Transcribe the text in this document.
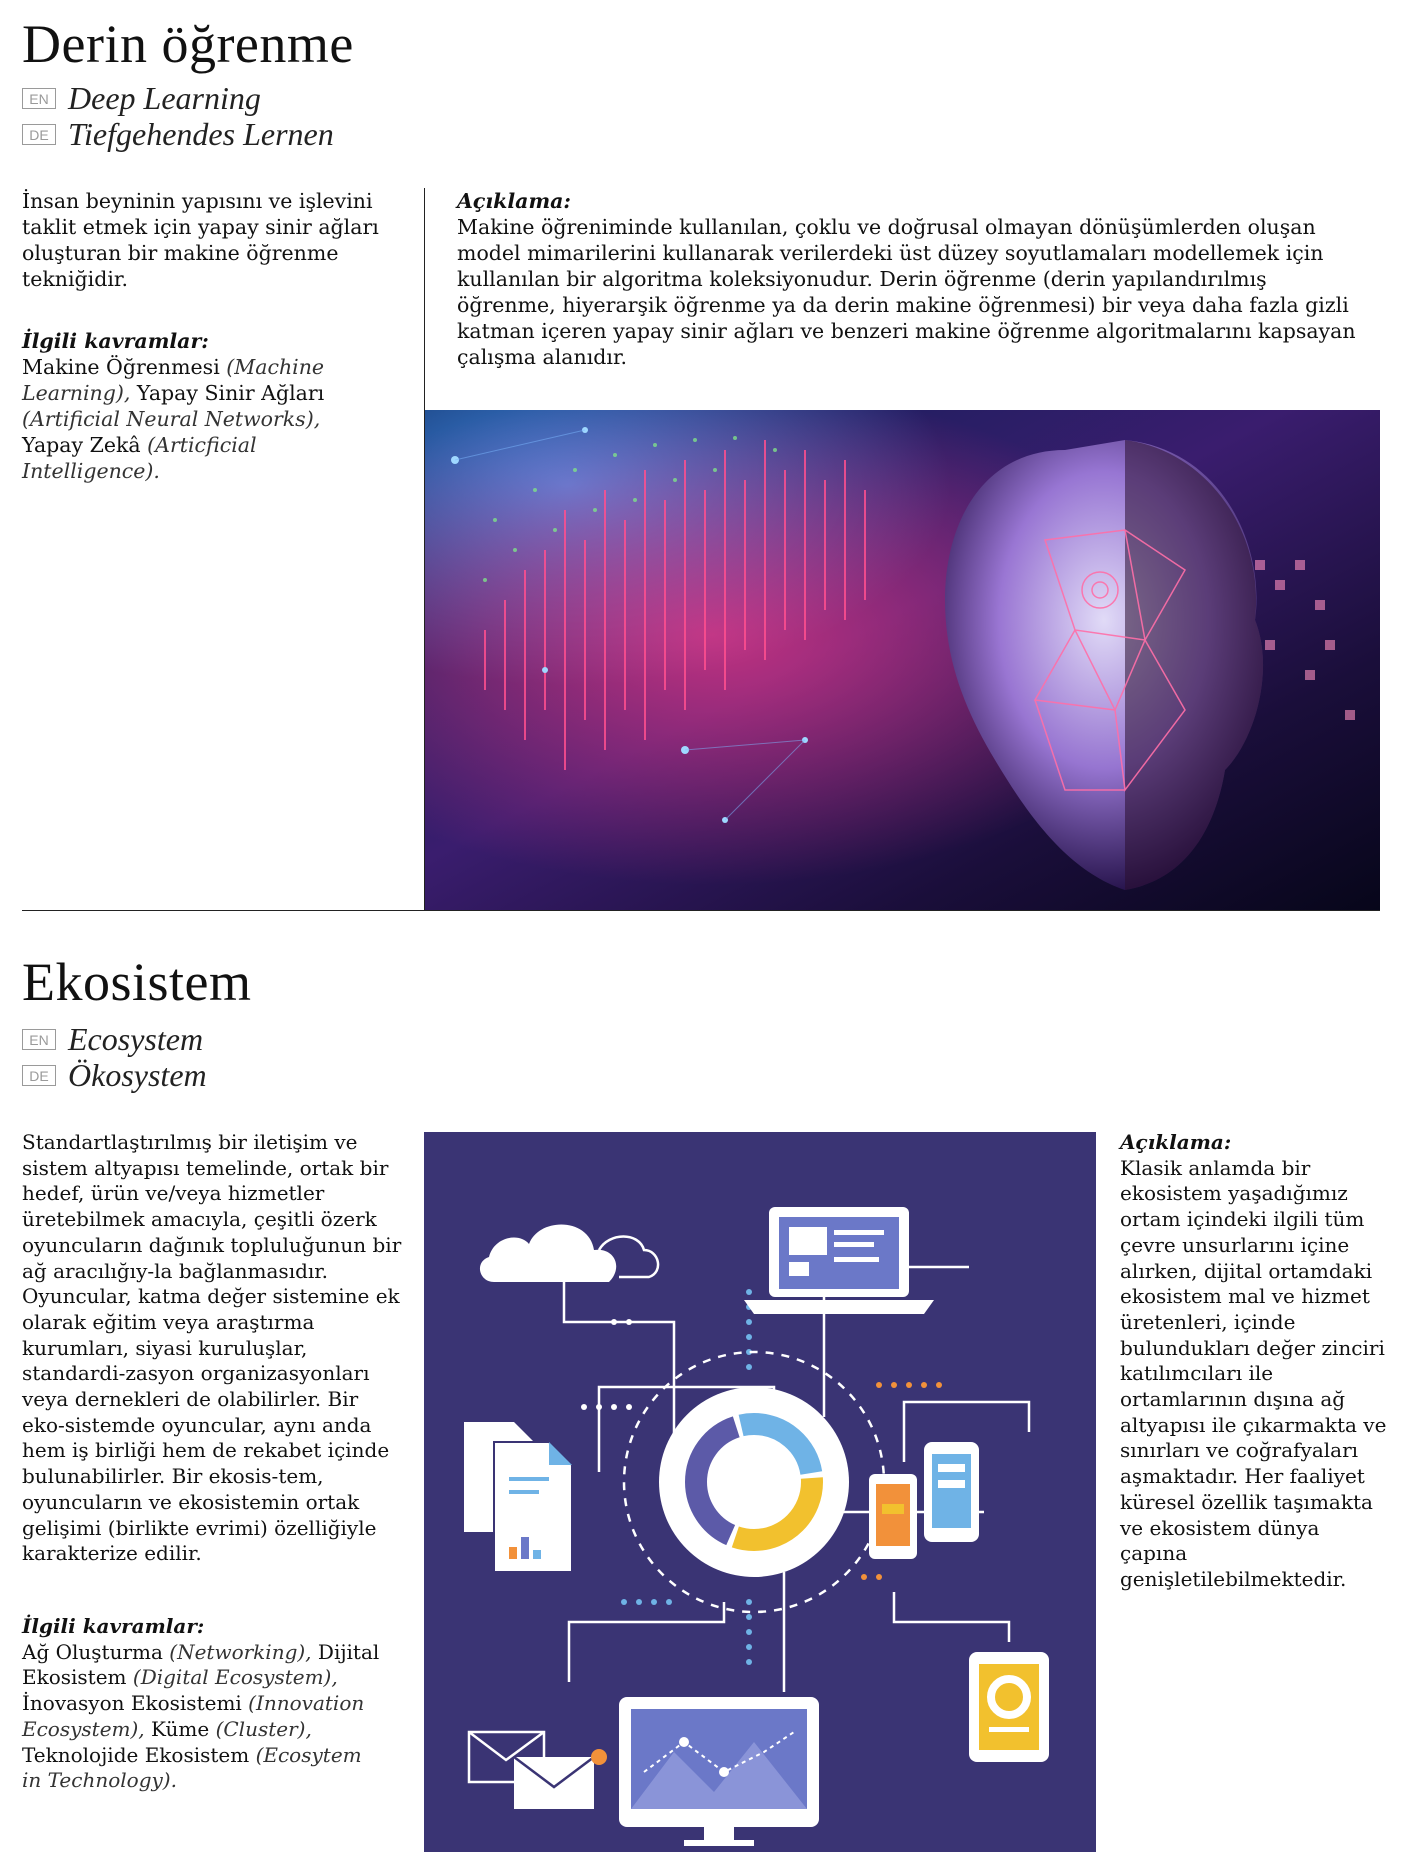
Derin öğrenme
EN Deep Learning
DE Tiefgehendes Lernen
İnsan beyninin yapısını ve işlevini taklit etmek için yapay sinir ağları oluşturan bir makine öğrenme tekniğidir.
İlgili kavramlar:
Makine Öğrenmesi (Machine Learning), Yapay Sinir Ağları (Artificial Neural Networks), Yapay Zekâ (Articficial Intelligence).
Açıklama:
Makine öğreniminde kullanılan, çoklu ve doğrusal olmayan dönüşümlerden oluşan model mimarilerini kullanarak verilerdeki üst düzey soyutlamaları modellemek için kullanılan bir algoritma koleksiyonudur. Derin öğrenme (derin yapılandırılmış öğrenme, hiyerarşik öğrenme ya da derin makine öğrenmesi) bir veya daha fazla gizli katman içeren yapay sinir ağları ve benzeri makine öğrenme algoritmalarını kapsayan çalışma alanıdır.
Ekosistem
EN Ecosystem
DE Ökosystem
Standartlaştırılmış bir iletişim ve sistem altyapısı temelinde, ortak bir hedef, ürün ve/veya hizmetler üretebilmek amacıyla, çeşitli özerk oyuncuların dağınık topluluğunun bir ağ aracılığıy-la bağlanmasıdır. Oyuncular, katma değer sistemine ek olarak eğitim veya araştırma kurumları, siyasi kuruluşlar, standardi-zasyon organizasyonları veya dernekleri de olabilirler. Bir eko-sistemde oyuncular, aynı anda hem iş birliği hem de rekabet içinde bulunabilirler. Bir ekosis-tem, oyuncuların ve ekosistemin ortak gelişimi (birlikte evrimi) özelliğiyle karakterize edilir.
İlgili kavramlar:
Ağ Oluşturma (Networking), Dijital Ekosistem (Digital Ecosystem), İnovasyon Ekosistemi (Innovation Ecosystem), Küme (Cluster), Teknolojide Ekosistem (Ecosytem in Technology).
Açıklama:
Klasik anlamda bir ekosistem yaşadığımız ortam içindeki ilgili tüm çevre unsurlarını içine alırken, dijital ortamdaki ekosistem mal ve hizmet üretenleri, içinde bulundukları değer zinciri katılımcıları ile ortamlarının dışına ağ altyapısı ile çıkarmakta ve sınırları ve coğrafyaları aşmaktadır. Her faaliyet küresel özellik taşımakta ve ekosistem dünya çapına genişletilebilmektedir.
